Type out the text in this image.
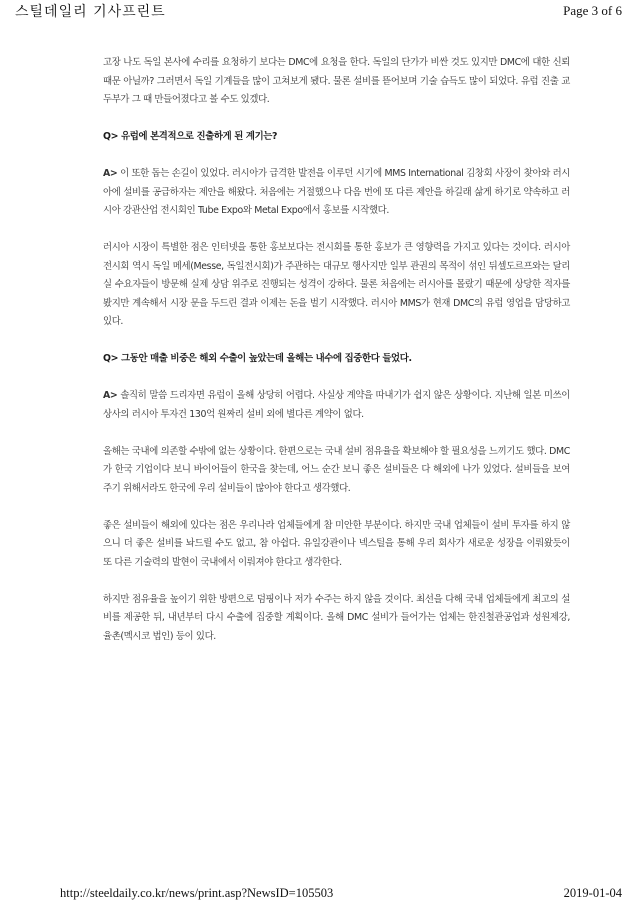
스틸데일리 기사프린트	Page 3 of 6

고장 나도 독일 본사에 수리를 요청하기 보다는 DMC에 요청을 한다. 독일의 단가가 비싼 것도 있지만 DMC에 대한 신뢰 때문 아닐까? 그러면서 독일 기계들을 많이 고쳐보게 됐다. 물론 설비를 뜯어보며 기술 습득도 많이 되었다. 유럽 진출 교두부가 그 때 만들어졌다고 볼 수도 있겠다.

Q> 유럽에 본격적으로 진출하게 된 계기는?

A> 이 또한 돕는 손길이 있었다. 러시아가 급격한 발전을 이루던 시기에 MMS International 김창회 사장이 찾아와 러시아에 설비를 공급하자는 제안을 해왔다. 처음에는 거절했으나 다음 번에 또 다른 제안을 하길래 삶게 하기로 약속하고 러시아 강관산업 전시회인 Tube Expo와 Metal Expo에서 홍보를 시작했다.

러시아 시장이 특별한 점은 인터넷을 통한 홍보보다는 전시회를 통한 홍보가 큰 영향력을 가지고 있다는 것이다. 러시아 전시회 역시 독일 메세(Messe, 독일전시회)가 주관하는 대규모 행사지만 일부 관권의 목적이 섞인 뒤셀도르프와는 달리 실 수요자들이 방문해 실제 상담 위주로 진행되는 성격이 강하다. 물론 처음에는 러시아를 몰랐기 때문에 상당한 적자를 봤지만 계속해서 시장 문을 두드린 결과 이제는 돈을 벌기 시작했다. 러시아 MMS가 현재 DMC의 유럽 영업을 담당하고 있다.

Q> 그동안 매출 비중은 해외 수출이 높았는데 올해는 내수에 집중한다 들었다.

A> 솔직히 말씀 드리자면 유럽이 올해 상당히 어렵다. 사실상 계약을 따내기가 쉽지 않은 상황이다. 지난해 일본 미쓰이상사의 러시아 투자건 130억 원짜리 설비 외에 별다른 계약이 없다.

올해는 국내에 의존할 수밖에 없는 상황이다. 한편으로는 국내 설비 점유율을 확보해야 할 필요성을 느끼기도 했다. DMC가 한국 기업이다 보니 바이어들이 한국을 찾는데, 어느 순간 보니 좋은 설비들은 다 해외에 나가 있었다. 설비들을 보여주기 위해서라도 한국에 우리 설비들이 많아야 한다고 생각했다.

좋은 설비들이 해외에 있다는 점은 우리나라 업체들에게 참 미안한 부분이다. 하지만 국내 업체들이 설비 투자를 하지 않으니 더 좋은 설비를 놔드릴 수도 없고, 참 아쉽다. 유일강관이나 넥스틸을 통해 우리 회사가 새로운 성장을 이뤄왔듯이 또 다른 기술력의 발현이 국내에서 이뤄져야 한다고 생각한다.

하지만 점유율을 높이기 위한 방편으로 덤핑이나 저가 수주는 하지 않을 것이다. 최선을 다해 국내 업체들에게 최고의 설비를 제공한 뒤, 내년부터 다시 수출에 집중할 계획이다. 올해 DMC 설비가 들어가는 업체는 한진철관공업과 성원제강, 율촌(멕시코 법인) 등이 있다.

http://steeldaily.co.kr/news/print.asp?NewsID=105503	2019-01-04
